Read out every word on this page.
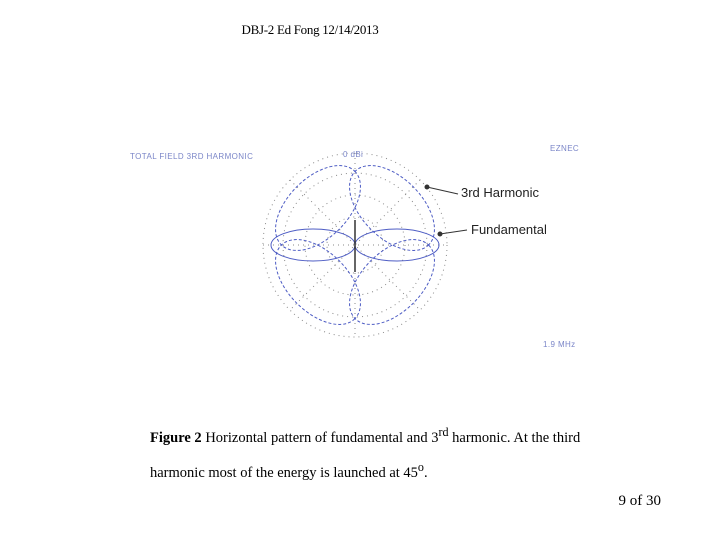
DBJ-2 Ed Fong 12/14/2013
TOTAL FIELD 3RD HARMONIC
EZNEC
0 dBi
1.9 MHz
3rd Harmonic
Fundamental
Figure 2 Horizontal pattern of fundamental and 3rd harmonic. At the third harmonic most of the energy is launched at 45$^o$.
9 of 30
